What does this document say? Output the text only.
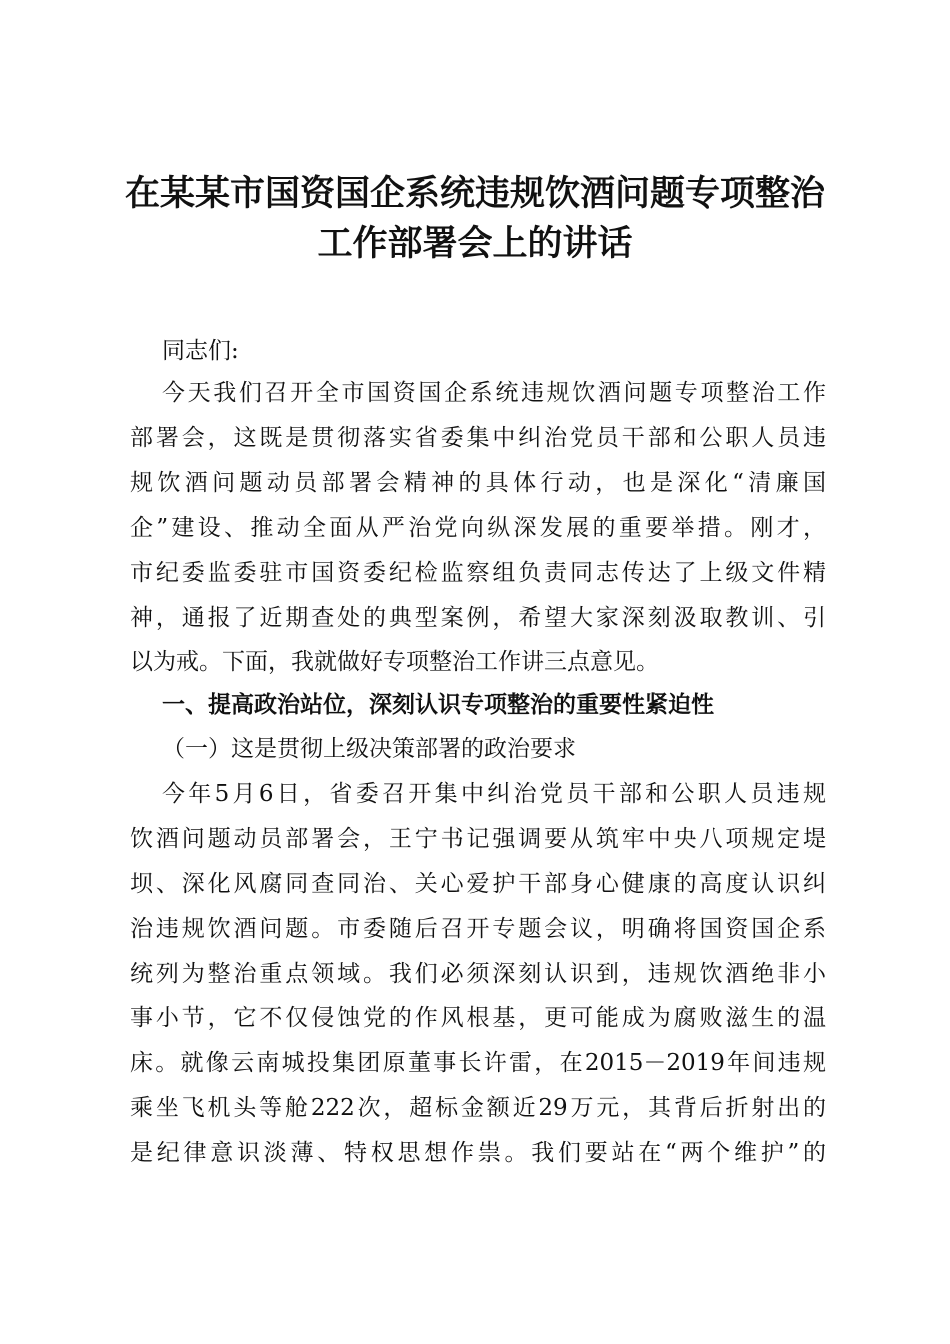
在某某市国资国企系统违规饮酒问题专项整治
工作部署会上的讲话
同志们:
今天我们召开全市国资国企系统违规饮酒问题专项整治工作
部署会，这既是贯彻落实省委集中纠治党员干部和公职人员违
规饮酒问题动员部署会精神的具体行动，也是深化“清廉国
企”建设、推动全面从严治党向纵深发展的重要举措。刚才，
市纪委监委驻市国资委纪检监察组负责同志传达了上级文件精
神，通报了近期查处的典型案例，希望大家深刻汲取教训、引
以为戒。下面，我就做好专项整治工作讲三点意见。
一、提高政治站位，深刻认识专项整治的重要性紧迫性
（一）这是贯彻上级决策部署的政治要求
今年5月6日，省委召开集中纠治党员干部和公职人员违规
饮酒问题动员部署会，王宁书记强调要从筑牢中央八项规定堤
坝、深化风腐同查同治、关心爱护干部身心健康的高度认识纠
治违规饮酒问题。市委随后召开专题会议，明确将国资国企系
统列为整治重点领域。我们必须深刻认识到，违规饮酒绝非小
事小节，它不仅侵蚀党的作风根基，更可能成为腐败滋生的温
床。就像云南城投集团原董事长许雷，在2015－2019年间违规
乘坐飞机头等舱222次，超标金额近29万元，其背后折射出的
是纪律意识淡薄、特权思想作祟。我们要站在“两个维护”的
